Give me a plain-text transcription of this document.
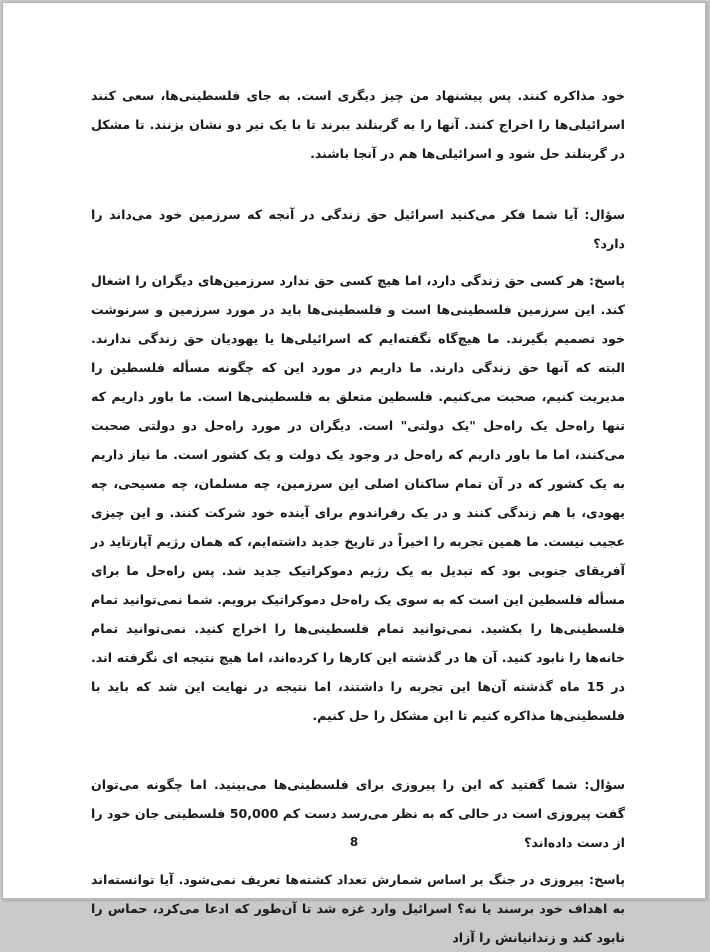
خود مذاکره کنند. پس پیشنهاد من چیز دیگری است. به جای فلسطینی‌ها، سعی کنند اسرائیلی‌ها را اخراج کنند. آنها را به گربنلند ببرند تا با یک تیر دو نشان بزنند. تا مشکل در گربنلند حل شود و اسرائیلی‌ها هم در آنجا باشند.

سؤال: آیا شما فکر می‌کنید اسرائیل حق زندگی در آنجه که سرزمین خود می‌داند را دارد؟

پاسخ: هر کسی حق زندگی دارد، اما هیچ کسی حق ندارد سرزمین‌های دیگران را اشغال کند. این سرزمین فلسطینی‌ها است و فلسطینی‌ها باید در مورد سرزمین و سرنوشت خود تصمیم بگیرند. ما هیچ‌گاه نگفته‌ایم که اسرائیلی‌ها یا یهودیان حق زندگی ندارند. البته که آنها حق زندگی دارند. ما داریم در مورد این که چگونه مسأله فلسطین را مدیریت کنیم، صحبت می‌کنیم. فلسطین متعلق به فلسطینی‌ها است. ما باور داریم که تنها راه‌حل یک راه‌حل "یک دولتی" است. دیگران در مورد راه‌حل دو دولتی صحبت می‌کنند، اما ما باور داریم که راه‌حل در وجود یک دولت و یک کشور است. ما نیاز داریم به یک کشور که در آن تمام ساکنان اصلی این سرزمین، چه مسلمان، چه مسیحی، چه یهودی، با هم زندگی کنند و در یک رفراندوم برای آینده خود شرکت کنند. و این چیزی عجیب نیست. ما همین تجربه را اخیراً در تاریخ جدید داشته‌ایم، که همان رژیم آپارتاید در آفریقای جنوبی بود که تبدیل به یک رژیم دموکراتیک جدید شد. پس راه‌حل ما برای مسأله فلسطین این است که به سوی یک راه‌حل دموکراتیک برویم. شما نمی‌توانید تمام فلسطینی‌ها را بکشید. نمی‌توانید تمام فلسطینی‌ها را اخراج کنید. نمی‌توانید تمام خانه‌ها را نابود کنید. آن ها در گذشته این کارها را کرده‌اند، اما هیچ نتیجه ای نگرفته اند. در 15 ماه گذشته آن‌ها این تجربه را داشتند، اما نتیجه در نهایت این شد که باید با فلسطینی‌ها مذاکره کنیم تا این مشکل را حل کنیم.

سؤال: شما گفتید که این را پیروزی برای فلسطینی‌ها می‌بینید. اما چگونه می‌توان گفت پیروزی است در حالی که به نظر می‌رسد دست کم 50,000 فلسطینی جان خود را از دست داده‌اند؟

پاسخ: پیروزی در جنگ بر اساس شمارش تعداد کشته‌ها تعریف نمی‌شود. آیا توانسته‌اند به اهداف خود برسند یا نه؟ اسرائیل وارد غزه شد تا آن‌طور که ادعا می‌کرد، حماس را نابود کند و زندانیانش را آزاد

8
